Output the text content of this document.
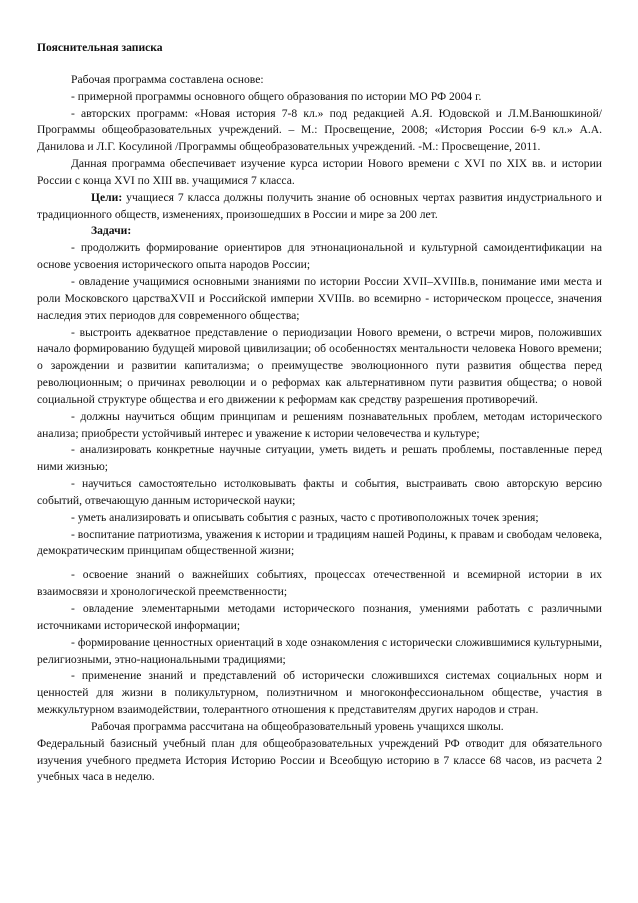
Пояснительная записка

Рабочая программа составлена основе:

- примерной программы основного общего образования по истории МО РФ 2004 г.

- авторских программ: «Новая история 7-8 кл.» под редакцией А.Я. Юдовской и Л.М.Ванюшкиной/Программы общеобразовательных учреждений. – М.: Просвещение, 2008; «История России 6-9 кл.» А.А. Данилова и Л.Г. Косулиной /Программы общеобразовательных учреждений. -М.: Просвещение, 2011.

Данная программа обеспечивает изучение курса истории Нового времени с XVI по XIX вв. и истории России с конца XVI по XIII вв. учащимися 7 класса.

Цели: учащиеся 7 класса должны получить знание об основных чертах развития индустриального и традиционного обществ, изменениях, произошедших в России и мире за 200 лет.

Задачи:

- продолжить формирование ориентиров для этнонациональной и культурной самоидентификации на основе усвоения исторического опыта народов России;

- овладение учащимися основными знаниями по истории России XVII–XVIIIв.в, понимание ими места и роли Московского царстваXVII и Российской империи XVIIIв. во всемирно - историческом процессе, значения наследия этих периодов для современного общества;

- выстроить адекватное представление о периодизации Нового времени, о встречи миров, положивших начало формированию будущей мировой цивилизации; об особенностях ментальности человека Нового времени; о зарождении и развитии капитализма; о преимуществе эволюционного пути развития общества перед революционным; о причинах революции и о реформах как альтернативном пути развития общества; о новой социальной структуре общества и его движении к реформам как средству разрешения противоречий.

- должны научиться общим принципам и решениям познавательных проблем, методам исторического анализа; приобрести устойчивый интерес и уважение к истории человечества и культуре;

- анализировать конкретные научные ситуации, уметь видеть и решать проблемы, поставленные перед ними жизнью;

- научиться самостоятельно истолковывать факты и события, выстраивать свою авторскую версию событий, отвечающую данным исторической науки;

- уметь анализировать и описывать события с разных, часто с противоположных точек зрения;

- воспитание патриотизма, уважения к истории и традициям нашей Родины, к правам и свободам человека, демократическим принципам общественной жизни;

- освоение знаний о важнейших событиях, процессах отечественной и всемирной истории в их взаимосвязи и хронологической преемственности;

- овладение элементарными методами исторического познания, умениями работать с различными источниками исторической информации;

- формирование ценностных ориентаций в ходе ознакомления с исторически сложившимися культурными, религиозными, этно-национальными традициями;

- применение знаний и представлений об исторически сложившихся системах социальных норм и ценностей для жизни в поликультурном, полиэтничном и многоконфессиональном обществе, участия в межкультурном взаимодействии, толерантного отношения к представителям других народов и стран.

Рабочая программа рассчитана на общеобразовательный уровень учащихся школы.

Федеральный базисный учебный план для общеобразовательных учреждений РФ отводит для обязательного изучения учебного предмета История Историю России и Всеобщую историю в 7 классе 68 часов, из расчета 2 учебных часа в неделю.
